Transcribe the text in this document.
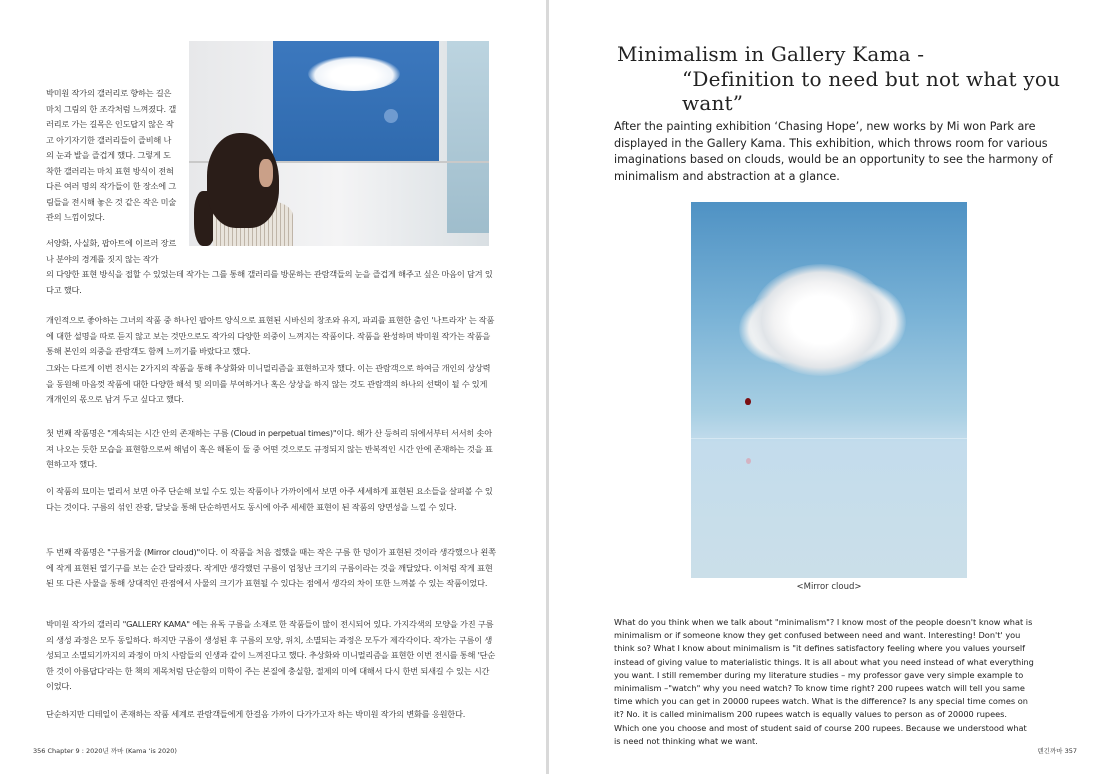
박미원 작가의 갤러리로 향하는 길은 마치 그림의 한 조각처럼 느껴졌다. 갤러리로 가는 길목은 인도답지 않은 작고 아기자기한 갤러리들이 즐비해 나의 눈과 발을 즐겁게 했다. 그렇게 도착한 갤러리는 마치 표현 방식이 전혀 다른 여러 명의 작가들이 한 장소에 그림들을 전시해 놓은 것 같은 작은 미술관의 느낌이었다.
서양화, 사실화, 팝아트에 이르러 장르나 분야의 경계를 짓지 않는 작가
의 다양한 표현 방식을 접할 수 있었는데 작가는 그를 통해 갤러리를 방문하는 관람객들의 눈을 즐겁게 해주고 싶은 마음이 담겨 있다고 했다.
개인적으로 좋아하는 그녀의 작품 중 하나인 팝아트 양식으로 표현된 시바신의 창조와 유지, 파괴를 표현한 춤인 '나트라자' 는 작품에 대한 설명을 따로 듣지 않고 보는 것만으로도 작가의 다양한 의중이 느껴지는 작품이다. 작품을 완성하며 박미원 작가는 작품을 통해 본인의 의중을 관람객도 함께 느끼기를 바랐다고 했다.
그와는 다르게 이번 전시는 2가지의 작품을 통해 추상화와 미니멀리즘을 표현하고자 했다. 이는 관람객으로 하여금 개인의 상상력을 동원해 마음껏 작품에 대한 다양한 해석 및 의미를 부여하거나 혹은 상상을 하지 않는 것도 관람객의 하나의 선택이 될 수 있게 개개인의 몫으로 남겨 두고 싶다고 했다.
첫 번째 작품명은 "계속되는 시간 안의 존재하는 구름 (Cloud in perpetual times)"이다. 해가 산 등허리 뒤에서부터 서서히 솟아져 나오는 듯한 모습을 표현함으로써 해넘이 혹은 해돋이 둘 중 어떤 것으로도 규정되지 않는 반복적인 시간 안에 존재하는 것을 표현하고자 했다.
이 작품의 묘미는 멀리서 보면 아주 단순해 보일 수도 있는 작품이나 가까이에서 보면 아주 세세하게 표현된 요소들을 살펴볼 수 있다는 것이다. 구름의 섞인 잔광, 달낮을 통해 단순하면서도 동시에 아주 세세한 표현이 된 작품의 양면성을 느낄 수 있다.
두 번째 작품명은 "구름거울 (Mirror cloud)"이다. 이 작품을 처음 접했을 때는 작은 구름 한 덩이가 표현된 것이라 생각했으나 왼쪽에 작게 표현된 열기구를 보는 순간 달라졌다. 작게만 생각했던 구름이 엄청난 크기의 구름이라는 것을 깨달았다. 이처럼 작게 표현된 또 다른 사물을 통해 상대적인 관점에서 사물의 크기가 표현될 수 있다는 점에서 생각의 차이 또한 느껴볼 수 있는 작품이었다.
박미원 작가의 갤러리 "GALLERY KAMA" 에는 유독 구름을 소재로 한 작품들이 많이 전시되어 있다. 가지각색의 모양을 가진 구름의 생성 과정은 모두 동일하다. 하지만 구름이 생성된 후 구름의 모양, 위치, 소멸되는 과정은 모두가 제각각이다. 작가는 구름이 생성되고 소멸되기까지의 과정이 마치 사람들의 인생과 같이 느껴진다고 했다. 추상화와 미니멀리즘을 표현한 이번 전시를 통해 '단순한 것이 아름답다'라는 한 책의 제목처럼 단순함의 미학이 주는 본질에 충실함, 절제의 미에 대해서 다시 한번 되새길 수 있는 시간이었다.
단순하지만 디테일이 존재하는 작품 세계로 관람객들에게 한걸음 가까이 다가가고자 하는 박미원 작가의 변화를 응원한다.
356 Chapter 9 : 2020년 까마 (Kama ‘is 2020)
Minimalism in Gallery Kama -
“Definition to need but not what you want”
After the painting exhibition ‘Chasing Hope’, new works by Mi won Park are displayed in the Gallery Kama. This exhibition, which throws room for various imaginations based on clouds, would be an opportunity to see the harmony of minimalism and abstraction at a glance.
<Mirror cloud>
What do you think when we talk about "minimalism"? I know most of the people doesn't know what is minimalism or if someone know they get confused between need and want. Interesting! Don't' you think so? What I know about minimalism is "it defines satisfactory feeling where you values yourself instead of giving value to materialistic things. It is all about what you need instead of what everything you want. I still remember during my literature studies – my professor gave very simple example to minimalism –"watch" why you need watch? To know time right? 200 rupees watch will tell you same time which you can get in 20000 rupees watch. What is the difference? Is any special time comes on it? No. it is called minimalism 200 rupees watch is equally values to person as of 20000 rupees. Which one you choose and most of student said of course 200 rupees. Because we understood what is need not thinking what we want.
덴긴까마 357
